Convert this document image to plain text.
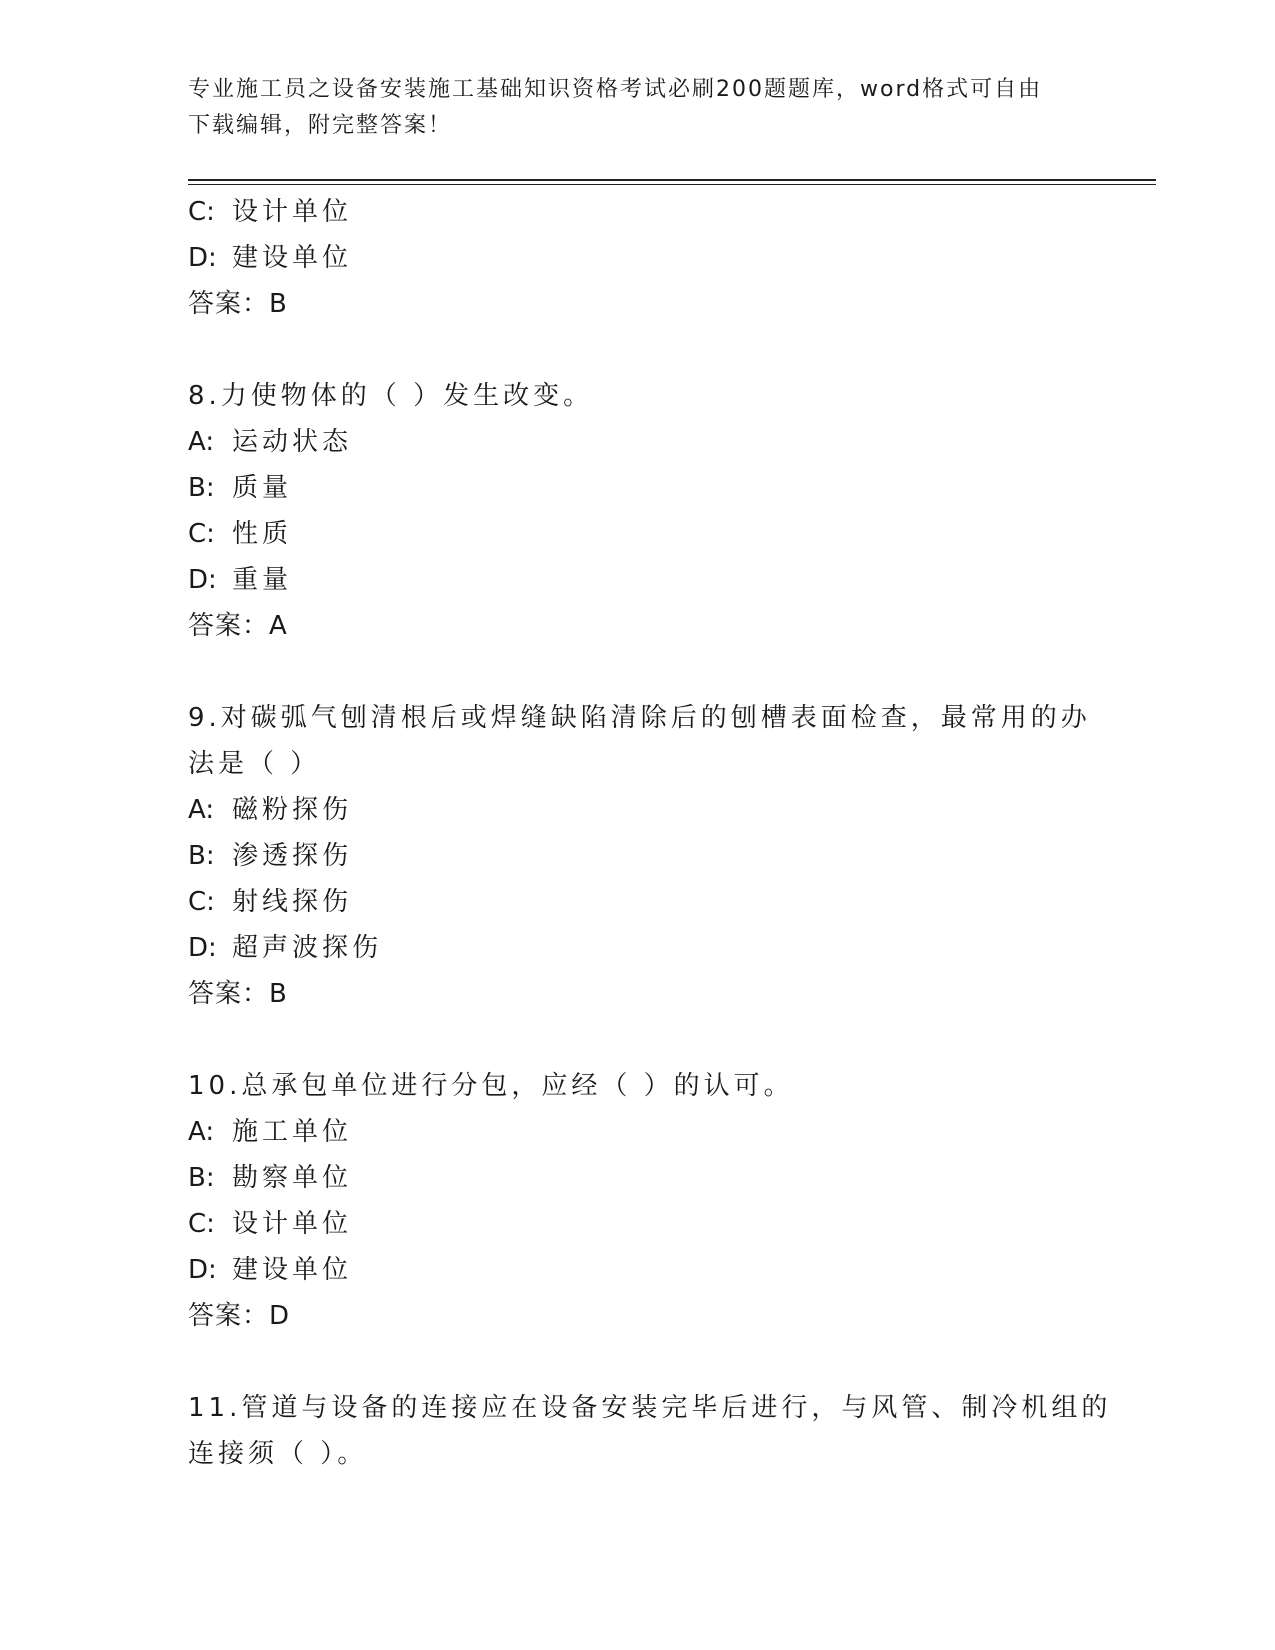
专业施工员之设备安装施工基础知识资格考试必刷200题题库，word格式可自由
下载编辑，附完整答案！
C: 设计单位
D: 建设单位
答案：B
8.力使物体的（ ）发生改变。
A: 运动状态
B: 质量
C: 性质
D: 重量
答案：A
9.对碳弧气刨清根后或焊缝缺陷清除后的刨槽表面检查，最常用的办
法是（ ）
A: 磁粉探伤
B: 渗透探伤
C: 射线探伤
D: 超声波探伤
答案：B
10.总承包单位进行分包，应经（ ）的认可。
A: 施工单位
B: 勘察单位
C: 设计单位
D: 建设单位
答案：D
11.管道与设备的连接应在设备安装完毕后进行，与风管、制冷机组的
连接须（ ）。
